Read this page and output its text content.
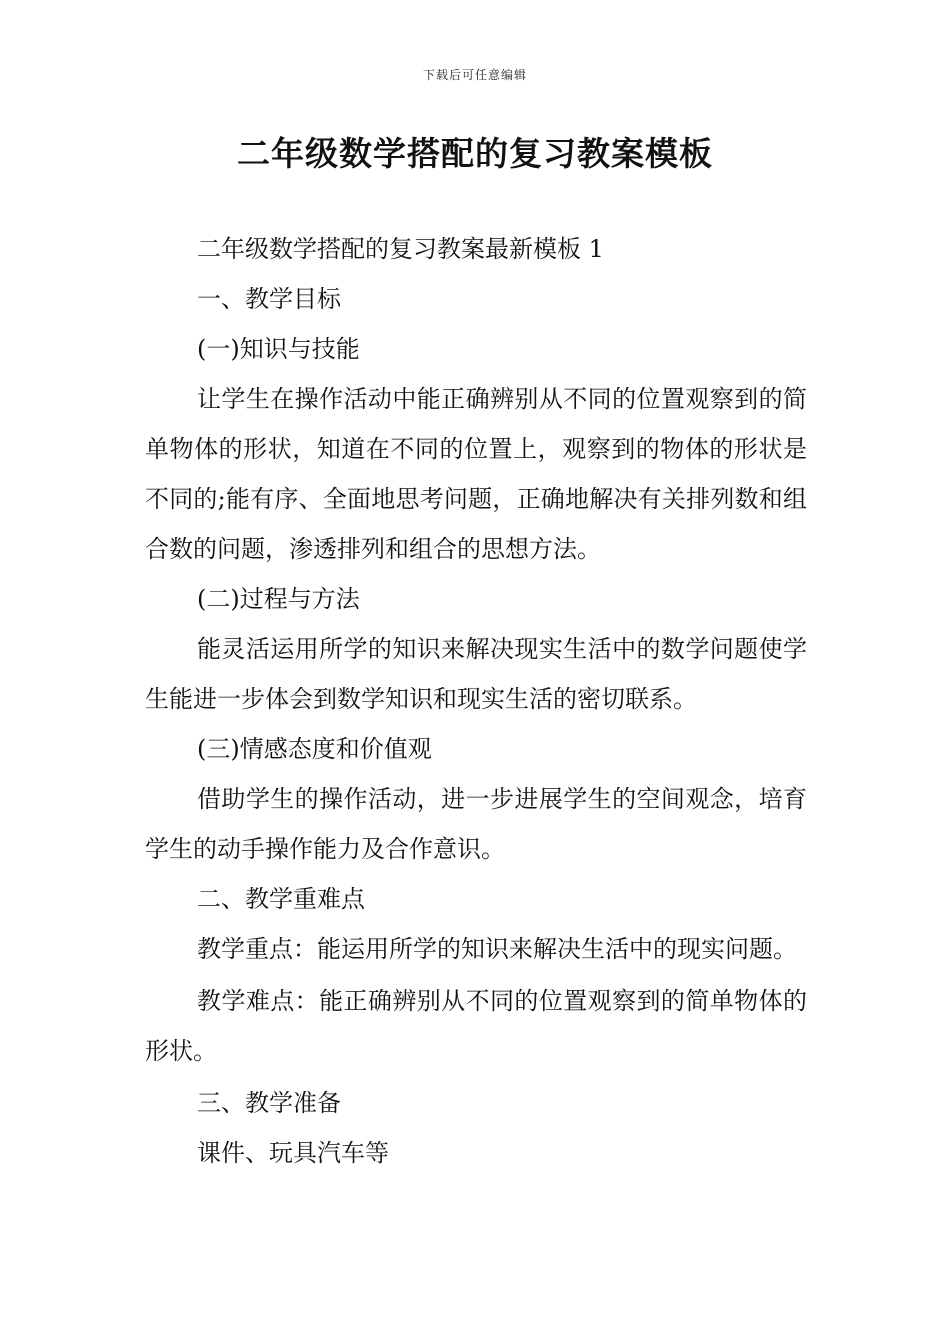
下载后可任意编辑
二年级数学搭配的复习教案模板

二年级数学搭配的复习教案最新模板 1

一、教学目标

(一)知识与技能

让学生在操作活动中能正确辨别从不同的位置观察到的简单物体的形状，知道在不同的位置上，观察到的物体的形状是不同的;能有序、全面地思考问题，正确地解决有关排列数和组合数的问题，渗透排列和组合的思想方法。

(二)过程与方法

能灵活运用所学的知识来解决现实生活中的数学问题使学生能进一步体会到数学知识和现实生活的密切联系。

(三)情感态度和价值观

借助学生的操作活动，进一步进展学生的空间观念，培育学生的动手操作能力及合作意识。

二、教学重难点

教学重点：能运用所学的知识来解决生活中的现实问题。

教学难点：能正确辨别从不同的位置观察到的简单物体的形状。

三、教学准备

课件、玩具汽车等
